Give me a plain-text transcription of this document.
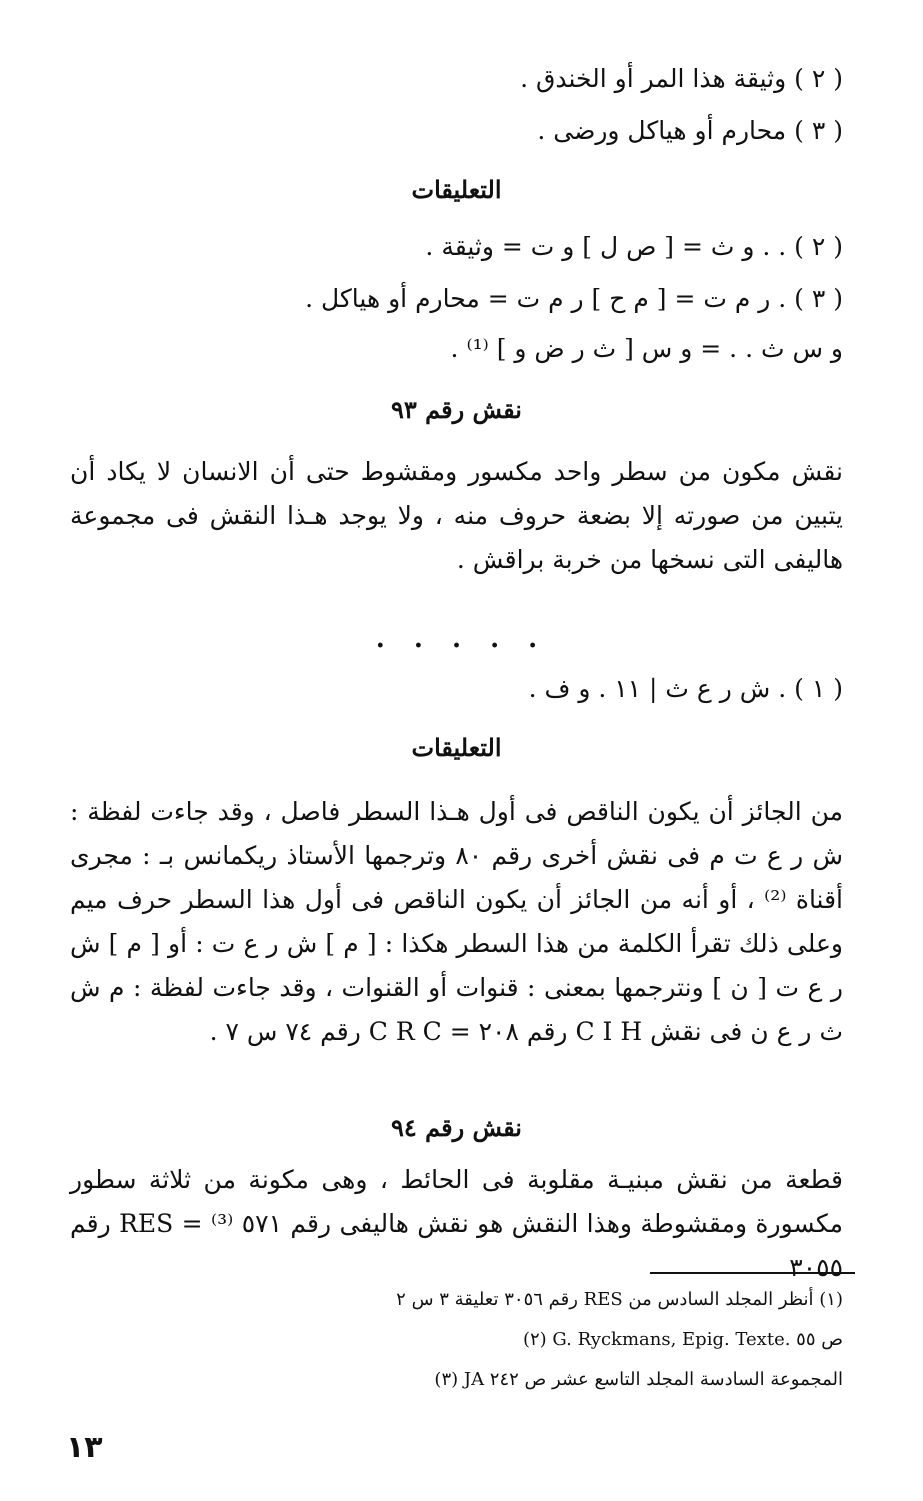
( ٢ ) وثيقة هذا المر أو الخندق .
( ٣ ) محارم أو هياكل ورضى .
التعليقات
( ٢ ) . . و ث = [ ص ل ] و ت = وثيقة .
( ٣ ) . ر م ت = [ م ح ] ر م ت = محارم أو هياكل .
و س ث . . = و س [ ث ر ض و ] ⁽¹⁾ .
نقش رقم ٩٣
نقش مكون من سطر واحد مكسور ومقشوط حتى أن الانسان لا يكاد أن يتبين من صورته إلا بضعة حروف منه ، ولا يوجد هـذا النقش فى مجموعة هاليفى التى نسخها من خربة براقش .
. . . . .
( ١ ) . ش ر ع ث | ١١ . و ف .
التعليقات
من الجائز أن يكون الناقص فى أول هـذا السطر فاصل ، وقد جاءت لفظة : ش ر ع ت م فى نقش أخرى رقم ٨٠ وترجمها الأستاذ ريكمانس بـ : مجرى أقناة ⁽²⁾ ، أو أنه من الجائز أن يكون الناقص فى أول هذا السطر حرف ميم وعلى ذلك تقرأ الكلمة من هذا السطر هكذا : [ م ] ش ر ع ت : أو [ م ] ش ر ع ت [ ن ] ونترجمها بمعنى : قنوات أو القنوات ، وقد جاءت لفظة : م ش ث ر ع ن فى نقش C I H رقم ٢٠٨ = C R C رقم ٧٤ س ٧ .
نقش رقم ٩٤
قطعة من نقش مبنيـة مقلوبة فى الحائط ، وهى مكونة من ثلاثة سطور مكسورة ومقشوطة وهذا النقش هو نقش هاليفى رقم ٥٧١ ⁽³⁾ = RES رقم ٣٠٥٥
(١) أنظر المجلد السادس من RES رقم ٣٠٥٦ تعليقة ٣ س ٢
(٢) G. Ryckmans, Epig. Texte. ص ٥٥
(٣) JA المجموعة السادسة المجلد التاسع عشر ص ٢٤٢
١٣
